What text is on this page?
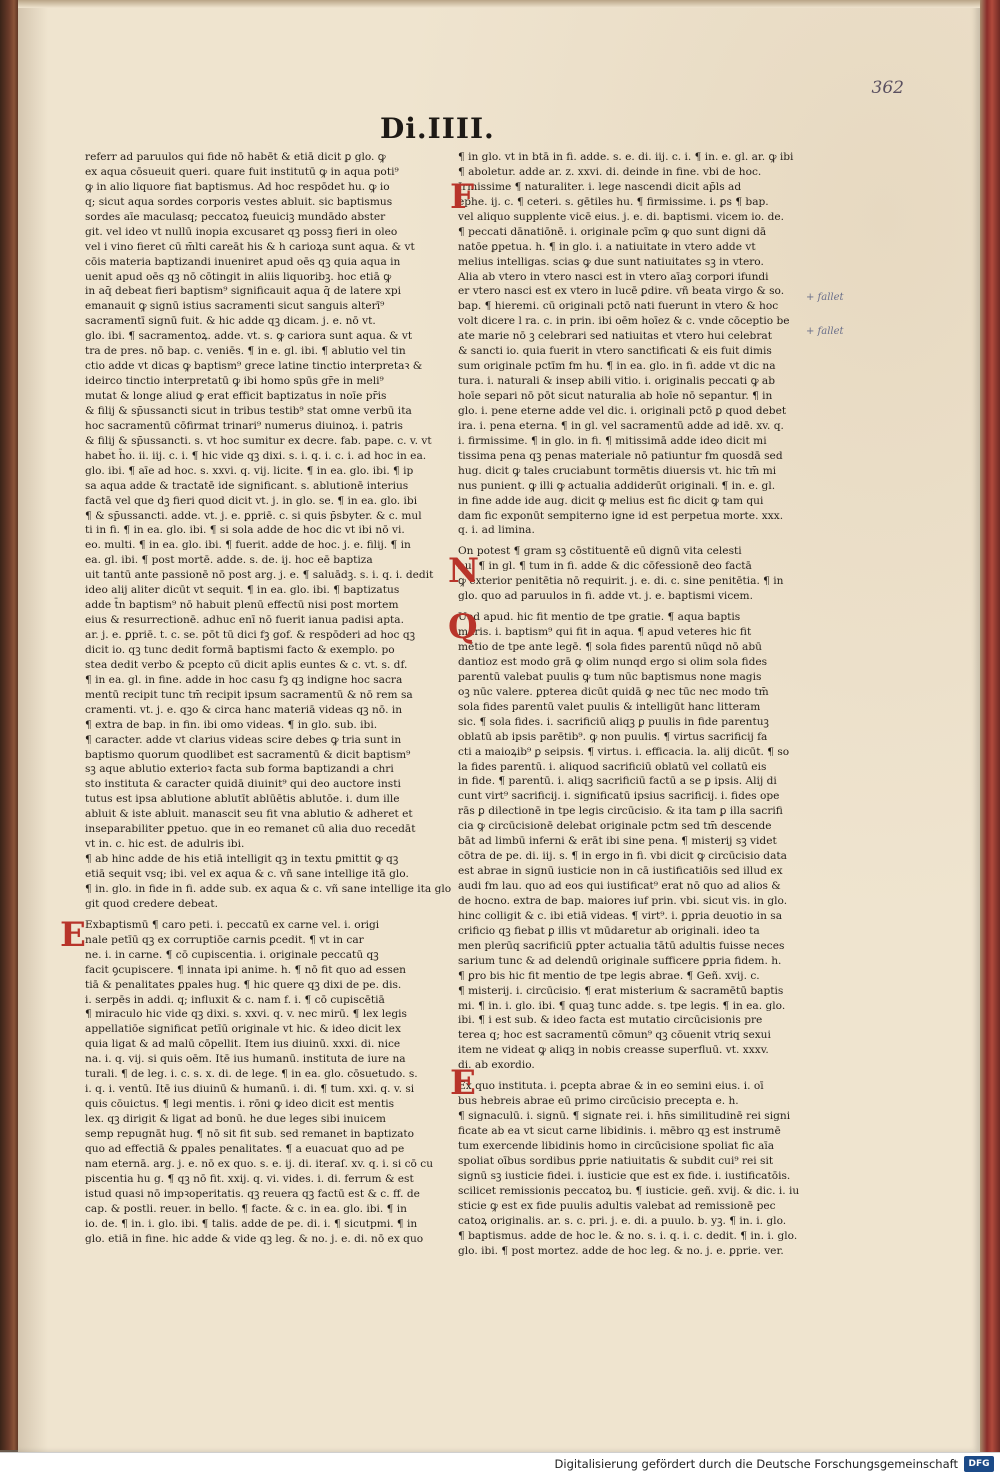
362
Di.IIII.
referr ad paruulos qui fide nō habēt & etiā dicit ꝑ glo. ꝙ
ex aqua cōsueuit queri. quare fuit institutū ꝙ in aqua poti⁹
ꝙ in alio liquore fiat baptismus. Ad hoc respōdet hu. ꝙ io
q; sicut aqua sordes corporis vestes abluit. sic baptismus
sordes aīe maculasq; peccatoꝝ fueuiciꝫ mundādo abster
git. vel ideo vt nullū inopia excusaret qꝫ possꝫ fieri in oleo
vel i vino fieret cū m̄lti careāt his & h carioꝝa sunt aqua. & vt
cōis materia baptizandi inueniret apud oēs qꝫ quia aqua in
uenit apud oēs qꝫ nō cōtingit in aliis liquoribꝫ. hoc etiā ꝙ
in aq̄ debeat fieri baptism⁹ significauit aqua q̄ de latere xpi
emanauit ꝙ signū istius sacramenti sicut sanguis alterī⁹
sacramentī signū fuit. & hic adde qꝫ dicam. j. e. nō vt.
glo. ibi. ¶ sacramentoꝝ. adde. vt. s. ꝙ cariora sunt aqua. & vt
tra de pres. nō bap. c. veniēs. ¶ in e. gl. ibi. ¶ ablutio vel tin
ctio adde vt dicas ꝙ baptism⁹ grece latine tinctio interpretaꝛ &
ideirco tinctio interpretatū ꝙ ibi homo spūs gr̄e in meli⁹
mutat & longe aliud ꝙ erat efficit baptizatus in noīe pr̄is
& filij & sp̄ussancti sicut in tribus testib⁹ stat omne verbū ita
hoc sacramentū cōfirmat trinari⁹ numerus diuinoꝝ. i. patris
& filij & sp̄ussancti. s. vt hoc sumitur ex decre. fab. pape. c. v. vt
habet h̄o. ii. iij. c. i. ¶ hic vide qꝫ dixi. s. i. q. i. c. i. ad hoc in ea.
glo. ibi. ¶ aīe ad hoc. s. xxvi. q. vij. licite. ¶ in ea. glo. ibi. ¶ ip
sa aqua adde & tractatē ide significant. s. ablutionē interius
factā vel que dꝫ fieri quod dicit vt. j. in glo. se. ¶ in ea. glo. ibi
¶ & sp̄ussancti. adde. vt. j. e. ꝑpriē. c. si quis p̄sbyter. & c. mul
ti in fi. ¶ in ea. glo. ibi. ¶ si sola adde de hoc dic vt ibi nō vi.
eo. multi. ¶ in ea. glo. ibi. ¶ fuerit. adde de hoc. j. e. filij. ¶ in
ea. gl. ibi. ¶ post mortē. adde. s. de. ij. hoc eē baptiza
uit tantū ante passionē nō post arg. j. e. ¶ saluādꝫ. s. i. q. i. dedit
ideo alij aliter dicūt vt sequit. ¶ in ea. glo. ibi. ¶ baptizatus
adde t̄n baptism⁹ nō habuit plenū effectū nisi post mortem
eius & resurrectionē. adhuc enī nō fuerit ianua padisi apta.
ar. j. e. ꝑpriē. t. c. se. pōt tū dici fꝫ gof. & respōderi ad hoc qꝫ
dicit io. qꝫ tunc dedit formā baptismi facto & exemplo. po
stea dedit verbo & pcepto cū dicit aplis euntes & c. vt. s. df.
¶ in ea. gl. in fine. adde in hoc casu fꝫ qꝫ indigne hoc sacra
mentū recipit tunc tm̄ recipit ipsum sacramentū & nō rem sa
cramenti. vt. j. e. qꝫo & circa hanc materiā videas qꝫ nō. in
¶ extra de bap. in fin. ibi omo videas. ¶ in glo. sub. ibi.
¶ caracter. adde vt clarius videas scire debes ꝙ tria sunt in
baptismo quorum quodlibet est sacramentū & dicit baptism⁹
sꝫ aque ablutio exterioꝛ facta sub forma baptizandi a chri
sto instituta & caracter quidā diuinit⁹ qui deo auctore insti
tutus est ipsa ablutione ablutīt ablūētis ablutōe. i. dum ille
abluit & iste abluit. manascit seu fit vna ablutio & adheret et
inseparabiliter ꝑpetuo. que in eo remanet cū alia duo recedāt
vt in. c. hic est. de adulris ibi.
¶ ab hinc adde de his etiā intelligit qꝫ in textu ꝑmittit ꝙ qꝫ
etiā sequit vsq; ibi. vel ex aqua & c. vñ sane intellige itā glo.
¶ in. glo. in fide in fi. adde sub. ex aqua & c. vñ sane intellige ita glo
git quod credere debeat.
Exbaptismū ¶ caro peti. i. peccatū ex carne vel. i. origi
nale petīū qꝫ ex corruptiōe carnis ꝑcedit. ¶ vt in car
ne. i. in carne. ¶ cō cupiscentia. i. originale peccatū qꝫ
facit ꝯcupiscere. ¶ innata ipi anime. h. ¶ nō fit quo ad essen
tiā & penalitates ꝑpales hug. ¶ hic quere qꝫ dixi de pe. dis.
i. serpēs in addi. q; influxit & c. nam f. i. ¶ cō cupiscētiā
¶ miraculo hic vide qꝫ dixi. s. xxvi. q. v. nec mirū. ¶ lex legis
appellatiōe significat petīū originale vt hic. & ideo dicit lex
quia ligat & ad malū cōpellit. Item ius diuinū. xxxi. di. nice
na. i. q. vij. si quis oēm. Itē ius humanū. instituta de iure na
turali. ¶ de leg. i. c. s. x. di. de lege. ¶ in ea. glo. cōsuetudo. s.
i. q. i. ventū. Itē ius diuinū & humanū. i. di. ¶ tum. xxi. q. v. si
quis cōuictus. ¶ legi mentis. i. rōni ꝙ ideo dicit est mentis
lex. qꝫ dirigit & ligat ad bonū. he due leges sibi inuicem
semp repugnāt hug. ¶ nō sit fit sub. sed remanet in baptizato
quo ad effectiā & ꝑpales penalitates. ¶ a euacuat quo ad pe
nam eternā. arg. j. e. nō ex quo. s. e. ij. di. iteraſ. xv. q. i. si cō cu
piscentia hu g. ¶ qꝫ nō fit. xxij. q. vi. vides. i. di. ferrum & est
istud quasi nō impꝛoperitatis. qꝫ reuera qꝫ factū est & c. ff. de
cap. & postli. reuer. in bello. ¶ facte. & c. in ea. glo. ibi. ¶ in
io. de. ¶ in. i. glo. ibi. ¶ talis. adde de pe. di. i. ¶ sicutpmi. ¶ in
glo. etiā in fine. hic adde & vide qꝫ leg. & no. j. e. di. nō ex quo
¶ in glo. vt in btā in fi. adde. s. e. di. iij. c. i. ¶ in. e. gl. ar. ꝙ ibi
¶ aboletur. adde ar. z. xxvi. di. deinde in fine. vbi de hoc.
Irmissime ¶ naturaliter. i. lege nascendi dicit ap̄ls ad
ephe. ij. c. ¶ ceteri. s. gētiles hu. ¶ firmissime. i. ꝑs ¶ bap.
vel aliquo supplente vicē eius. j. e. di. baptismi. vicem io. de.
¶ peccati dānatiōnē. i. originale pcīm ꝙ quo sunt digni dā
natōe ꝑpetua. h. ¶ in glo. i. a natiuitate in vtero adde vt
melius intelligas. scias ꝙ due sunt natiuitates sꝫ in vtero.
Alia ab vtero in vtero nasci est in vtero aīaꝫ corpori ifundi
er vtero nasci est ex vtero in lucē ꝑdire. vñ beata virgo & so.
bap. ¶ hieremi. cū originali pctō nati fuerunt in vtero & hoc
volt dicere l ra. c. in prin. ibi oēm hoīez & c. vnde cōceptio be
ate marie nō ꝫ celebrari sed natiuitas et vtero hui celebrat
& sancti io. quia fuerit in vtero sanctificati & eis fuit dimis
sum originale pctīm fm hu. ¶ in ea. glo. in fi. adde vt dic na
tura. i. naturali & insep abili vitio. i. originalis peccati ꝙ ab
hoīe separi nō pōt sicut naturalia ab hoīe nō sepantur. ¶ in
glo. i. pene eterne adde vel dic. i. originali pctō ꝑ quod debet
ira. i. pena eterna. ¶ in gl. vel sacramentū adde ad idē. xv. q.
i. firmissime. ¶ in glo. in fi. ¶ mitissimā adde ideo dicit mi
tissima pena qꝫ penas materiale nō patiuntur fm quosdā sed
hug. dicit ꝙ tales cruciabunt tormētis diuersis vt. hic tm̄ mi
nus punient. ꝙ illi ꝙ actualia addiderūt originali. ¶ in. e. gl.
in fine adde ide aug. dicit ꝙ melius est fic dicit ꝙ tam qui
dam fic exponūt sempiterno igne id est perpetua morte. xxx.
q. i. ad limina.
On potest ¶ gram sꝫ cōstituentē eū dignū vita celesti
hu. ¶ in gl. ¶ tum in fi. adde & dic cōfessionē deo factā
ꝙ exterior penitētia nō requirit. j. e. di. c. sine penitētia. ¶ in
glo. quo ad paruulos in fi. adde vt. j. e. baptismi vicem.
Uod apud. hic fit mentio de tpe gratie. ¶ aqua baptis
maris. i. baptism⁹ qui fit in aqua. ¶ apud veteres hic fit
mētio de tpe ante legē. ¶ sola fides parentū nūqd nō abū
dantioz est modo grā ꝙ olim nunqd ergo si olim sola fides
parentū valebat puulis ꝙ tum nūc baptismus none magis
oꝫ nūc valere. ꝑpterea dicūt quidā ꝙ nec tūc nec modo tm̄
sola fides parentū valet puulis & intelligūt hanc litteram
sic. ¶ sola fides. i. sacrificiū aliqꝫ ꝑ puulis in fide parentuꝫ
oblatū ab ipsis parētib⁹. ꝙ non puulis. ¶ virtus sacrificij fa
cti a maioꝝib⁹ ꝑ seipsis. ¶ virtus. i. efficacia. la. alij dicūt. ¶ so
la fides parentū. i. aliquod sacrificiū oblatū vel collatū eis
in fide. ¶ parentū. i. aliqꝫ sacrificiū factū a se ꝑ ipsis. Alij di
cunt virt⁹ sacrificij. i. significatū ipsius sacrificij. i. fides ope
rās ꝑ dilectionē in tpe legis circūcisio. & ita tam ꝑ illa sacrifi
cia ꝙ circūcisionē delebat originale pctm sed tm̄ descende
bāt ad limbū inferni & erāt ibi sine pena. ¶ misterij sꝫ videt
cōtra de pe. di. iij. s. ¶ in ergo in fi. vbi dicit ꝙ circūcisio data
est abrae in signū iusticie non in cā iustificatiōis sed illud ex
audi fm lau. quo ad eos qui iustificat⁹ erat nō quo ad alios &
de hocno. extra de bap. maiores iuf prin. vbi. sicut vis. in glo.
hinc colligit & c. ibi etiā videas. ¶ virt⁹. i. ꝑpria deuotio in sa
crificio qꝫ fiebat ꝑ illis vt mūdaretur ab originali. ideo ta
men plerūq sacrificiū ꝑpter actualia tātū adultis fuisse neces
sarium tunc & ad delendū originale sufficere ꝑpria fidem. h.
¶ ꝑro bis hic fit mentio de tpe legis abrae. ¶ Geñ. xvij. c.
¶ misterij. i. circūcisio. ¶ erat misterium & sacramētū baptis
mi. ¶ in. i. glo. ibi. ¶ quaꝫ tunc adde. s. tpe legis. ¶ in ea. glo.
ibi. ¶ i est sub. & ideo facta est mutatio circūcisionis pre
terea q; hoc est sacramentū cōmun⁹ qꝫ cōuenit vtriq sexui
item ne videat ꝙ aliqꝫ in nobis creasse superfluū. vt. xxxv.
di. ab exordio.
Ex quo instituta. i. ꝑcepta abrae & in eo semini eius. i. oī
bus hebreis abrae eū primo circūcisio precepta e. h.
¶ signaculū. i. signū. ¶ signate rei. i. hn̄s similitudinē rei signi
ficate ab ea vt sicut carne libidinis. i. mēbro qꝫ est instrumē
tum exercende libidinis homo in circūcisione spoliat fic aīa
spoliat oībus sordibus ꝑprie natiuitatis & subdit cui⁹ rei sit
signū sꝫ iusticie fidei. i. iusticie que est ex fide. i. iustificatōis.
scilicet remissionis peccatoꝝ bu. ¶ iusticie. geñ. xvij. & dic. i. iu
sticie ꝙ est ex fide puulis adultis valebat ad remissionē pec
catoꝝ originalis. ar. s. c. pri. j. e. di. a puulo. b. yꝫ. ¶ in. i. glo.
¶ baptismus. adde de hoc le. & no. s. i. q. i. c. dedit. ¶ in. i. glo.
glo. ibi. ¶ post mortez. adde de hoc leg. & no. j. e. ꝑprie. ver.
F
N
Q
E
E
+ fallet
+ fallet
Digitalisierung gefördert durch die Deutsche Forschungsgemeinschaft	DFG
